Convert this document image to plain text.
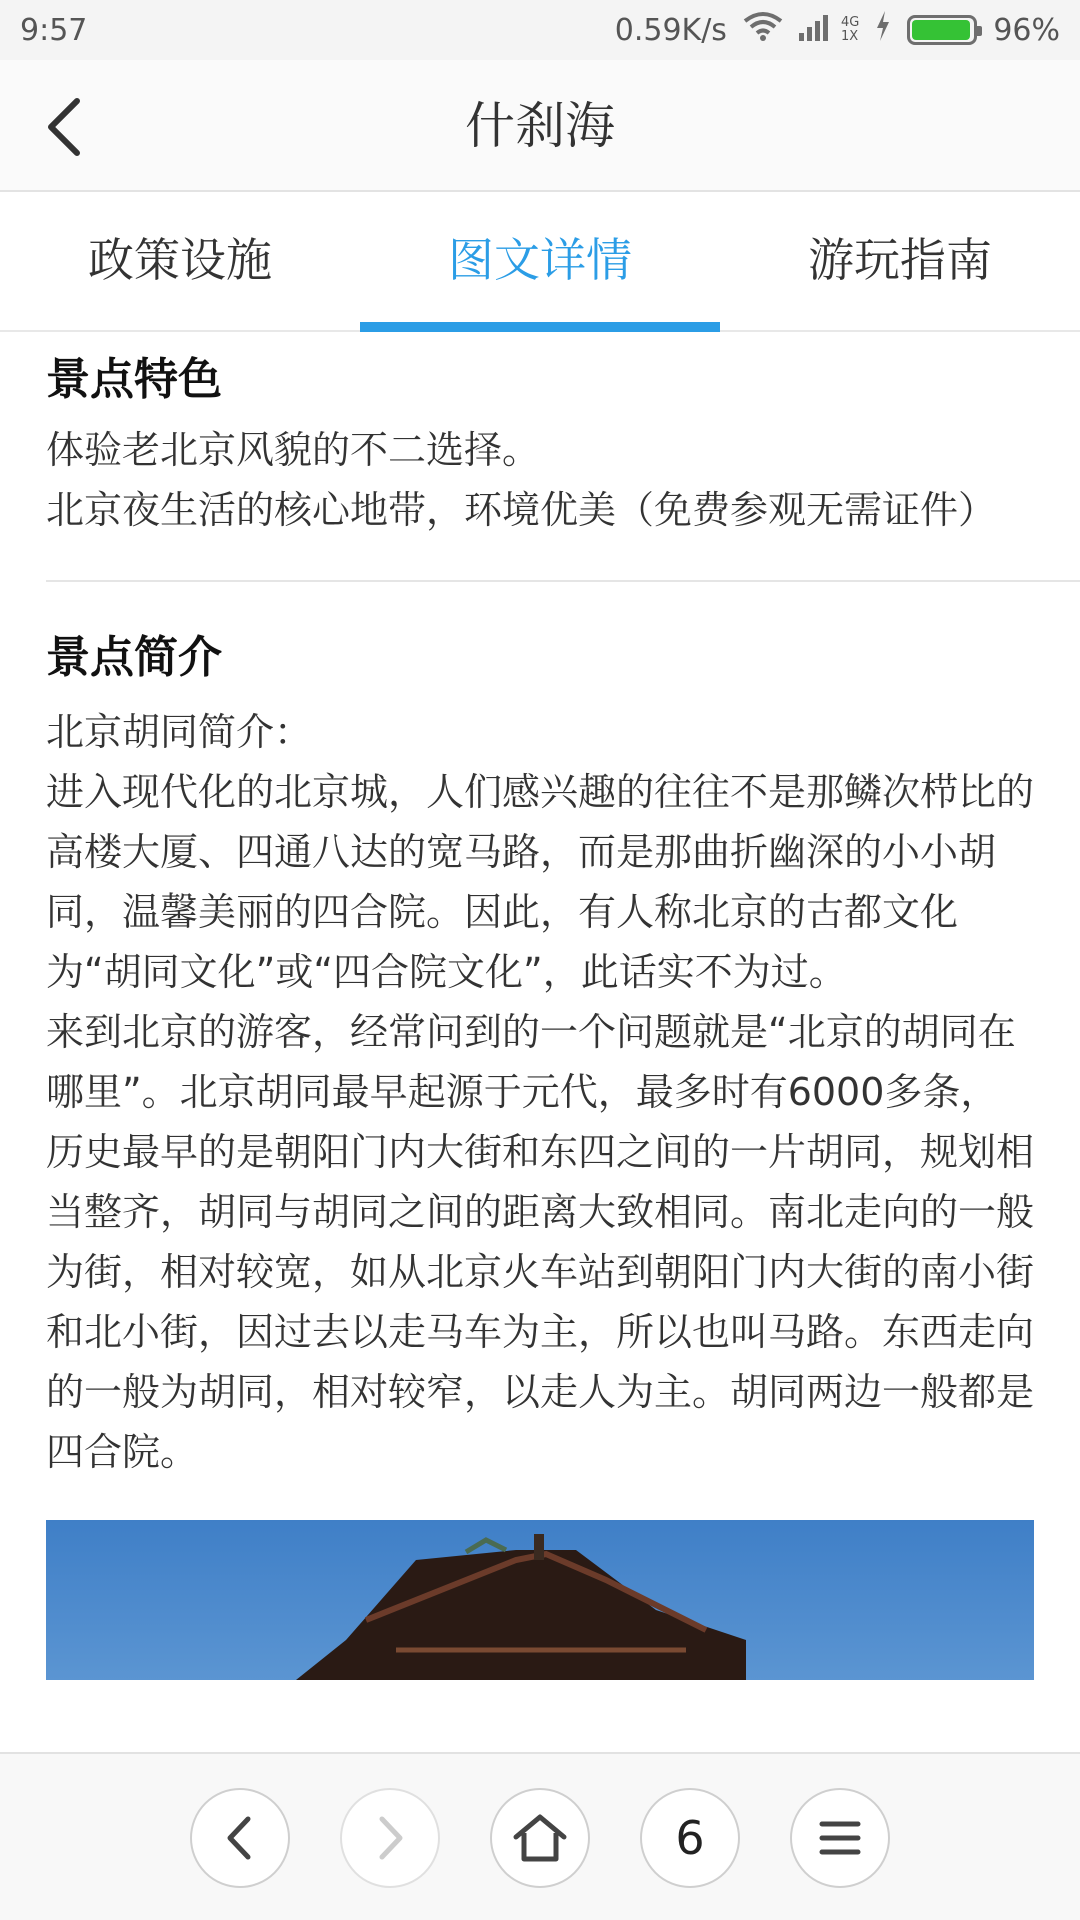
9:57	0.59K/s	4G
1X	96%
什刹海
政策设施	图文详情	游玩指南
景点特色

体验老北京风貌的不二选择。

北京夜生活的核心地带，环境优美（免费参观无需证件）

景点简介

北京胡同简介：

进入现代化的北京城，人们感兴趣的往往不是那鳞次栉比的高楼大厦、四通八达的宽马路，而是那曲折幽深的小小胡同，温馨美丽的四合院。因此，有人称北京的古都文化为“胡同文化”或“四合院文化”，此话实不为过。

来到北京的游客，经常问到的一个问题就是“北京的胡同在哪里”。北京胡同最早起源于元代，最多时有6000多条，历史最早的是朝阳门内大街和东四之间的一片胡同，规划相当整齐，胡同与胡同之间的距离大致相同。南北走向的一般为街，相对较宽，如从北京火车站到朝阳门内大街的南小街和北小街，因过去以走马车为主，所以也叫马路。东西走向的一般为胡同，相对较窄，以走人为主。胡同两边一般都是四合院。

6
